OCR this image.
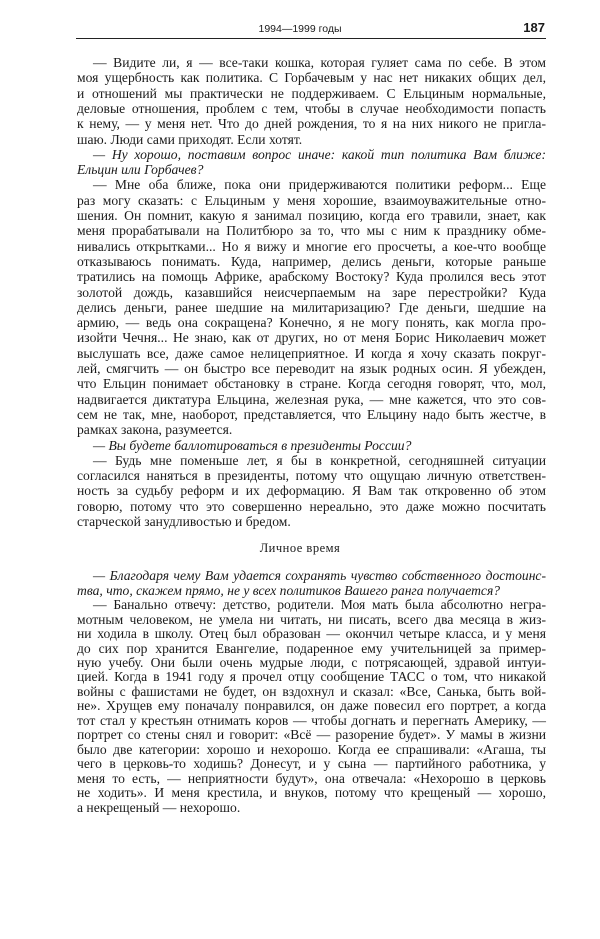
1994—1999 годы	187
— Видите ли, я — все-таки кошка, которая гуляет сама по себе. В этом
моя ущербность как политика. С Горбачевым у нас нет никаких общих дел,
и отношений мы практически не поддерживаем. С Ельциным нормальные,
деловые отношения, проблем с тем, чтобы в случае необходимости попасть
к нему, — у меня нет. Что до дней рождения, то я на них никого не пригла-
шаю. Люди сами приходят. Если хотят.
— Ну хорошо, поставим вопрос иначе: какой тип политика Вам ближе:
Ельцин или Горбачев?
— Мне оба ближе, пока они придерживаются политики реформ... Еще
раз могу сказать: с Ельциным у меня хорошие, взаимоуважительные отно-
шения. Он помнит, какую я занимал позицию, когда его травили, знает, как
меня прорабатывали на Политбюро за то, что мы с ним к празднику обме-
нивались открытками... Но я вижу и многие его просчеты, а кое-что вообще
отказываюсь понимать. Куда, например, делись деньги, которые раньше
тратились на помощь Африке, арабскому Востоку? Куда пролился весь этот
золотой дождь, казавшийся неисчерпаемым на заре перестройки? Куда
делись деньги, ранее шедшие на милитаризацию? Где деньги, шедшие на
армию, — ведь она сокращена? Конечно, я не могу понять, как могла про-
изойти Чечня... Не знаю, как от других, но от меня Борис Николаевич может
выслушать все, даже самое нелицеприятное. И когда я хочу сказать покруг-
лей, смягчить — он быстро все переводит на язык родных осин. Я убежден,
что Ельцин понимает обстановку в стране. Когда сегодня говорят, что, мол,
надвигается диктатура Ельцина, железная рука, — мне кажется, что это сов-
сем не так, мне, наоборот, представляется, что Ельцину надо быть жестче, в
рамках закона, разумеется.
— Вы будете баллотироваться в президенты России?
— Будь мне поменьше лет, я бы в конкретной, сегодняшней ситуации
согласился наняться в президенты, потому что ощущаю личную ответствен-
ность за судьбу реформ и их деформацию. Я Вам так откровенно об этом
говорю, потому что это совершенно нереально, это даже можно посчитать
старческой занудливостью и бредом.
Личное время
— Благодаря чему Вам удается сохранять чувство собственного достоинс-
тва, что, скажем прямо, не у всех политиков Вашего ранга получается?
— Банально отвечу: детство, родители. Моя мать была абсолютно негра-
мотным человеком, не умела ни читать, ни писать, всего два месяца в жиз-
ни ходила в школу. Отец был образован — окончил четыре класса, и у меня
до сих пор хранится Евангелие, подаренное ему учительницей за пример-
ную учебу. Они были очень мудрые люди, с потрясающей, здравой интуи-
цией. Когда в 1941 году я прочел отцу сообщение ТАСС о том, что никакой
войны с фашистами не будет, он вздохнул и сказал: «Все, Санька, быть вой-
не». Хрущев ему поначалу понравился, он даже повесил его портрет, а когда
тот стал у крестьян отнимать коров — чтобы догнать и перегнать Америку, —
портрет со стены снял и говорит: «Всё — разорение будет». У мамы в жизни
было две категории: хорошо и нехорошо. Когда ее спрашивали: «Агаша, ты
чего в церковь-то ходишь? Донесут, и у сына — партийного работника, у
меня то есть, — неприятности будут», она отвечала: «Нехорошо в церковь
не ходить». И меня крестила, и внуков, потому что крещеный — хорошо,
а некрещеный — нехорошо.
